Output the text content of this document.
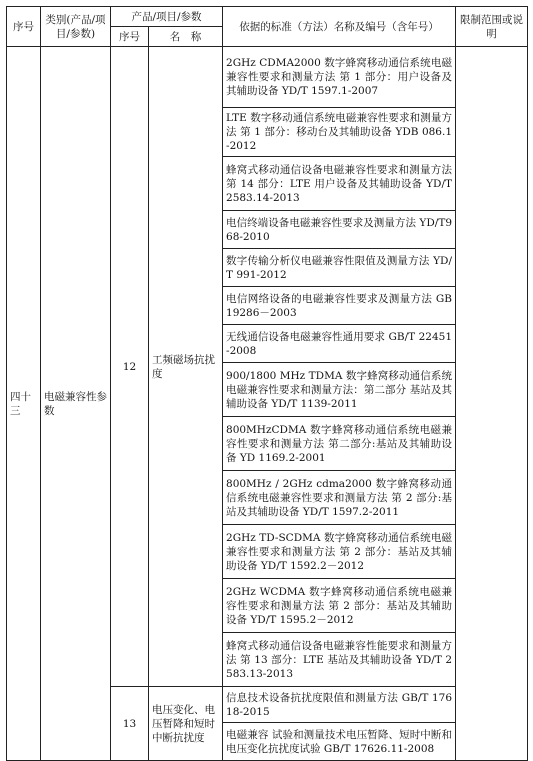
序号	类别(产品/项目/参数)	产品/项目/参数		依据的标准（方法）名称及编号（含年号）	限制范围或说明
		序号	名　称		
四十三	电磁兼容性参数	12	工频磁场抗扰度	2GHz CDMA2000 数字蜂窝移动通信系统电磁兼容性要求和测量方法 第 1 部分：用户设备及其辅助设备 YD/T 1597.1-2007	
				LTE 数字移动通信系统电磁兼容性要求和测量方法 第 1 部分：移动台及其辅助设备 YDB 086.1-2012	
				蜂窝式移动通信设备电磁兼容性要求和测量方法 第 14 部分：LTE 用户设备及其辅助设备 YD/T 2583.14-2013	
				电信终端设备电磁兼容性要求及测量方法 YD/T968-2010	
				数字传输分析仪电磁兼容性限值及测量方法 YD/T 991-2012	
				电信网络设备的电磁兼容性要求及测量方法 GB 19286－2003	
				无线通信设备电磁兼容性通用要求 GB/T 22451-2008	
				900/1800 MHz TDMA 数字蜂窝移动通信系统电磁兼容性要求和测量方法：第二部分 基站及其辅助设备 YD/T 1139-2011	
				800MHzCDMA 数字蜂窝移动通信系统电磁兼容性要求和测量方法 第二部分:基站及其辅助设备 YD 1169.2-2001	
				800MHz / 2GHz cdma2000 数字蜂窝移动通信系统电磁兼容性要求和测量方法 第 2 部分:基站及其辅助设备 YD/T 1597.2-2011	
				2GHz TD-SCDMA 数字蜂窝移动通信系统电磁兼容性要求和测量方法 第 2 部分：基站及其辅助设备 YD/T 1592.2－2012	
				2GHz WCDMA 数字蜂窝移动通信系统电磁兼容性要求和测量方法 第 2 部分：基站及其辅助设备 YD/T 1595.2－2012	
				蜂窝式移动通信设备电磁兼容性能要求和测量方法 第 13 部分：LTE 基站及其辅助设备 YD/T 2583.13-2013	
		13	电压变化、电压暂降和短时中断抗扰度	信息技术设备抗扰度限值和测量方法 GB/T 17618-2015	
				电磁兼容 试验和测量技术电压暂降、短时中断和电压变化抗扰度试验 GB/T 17626.11-2008	
